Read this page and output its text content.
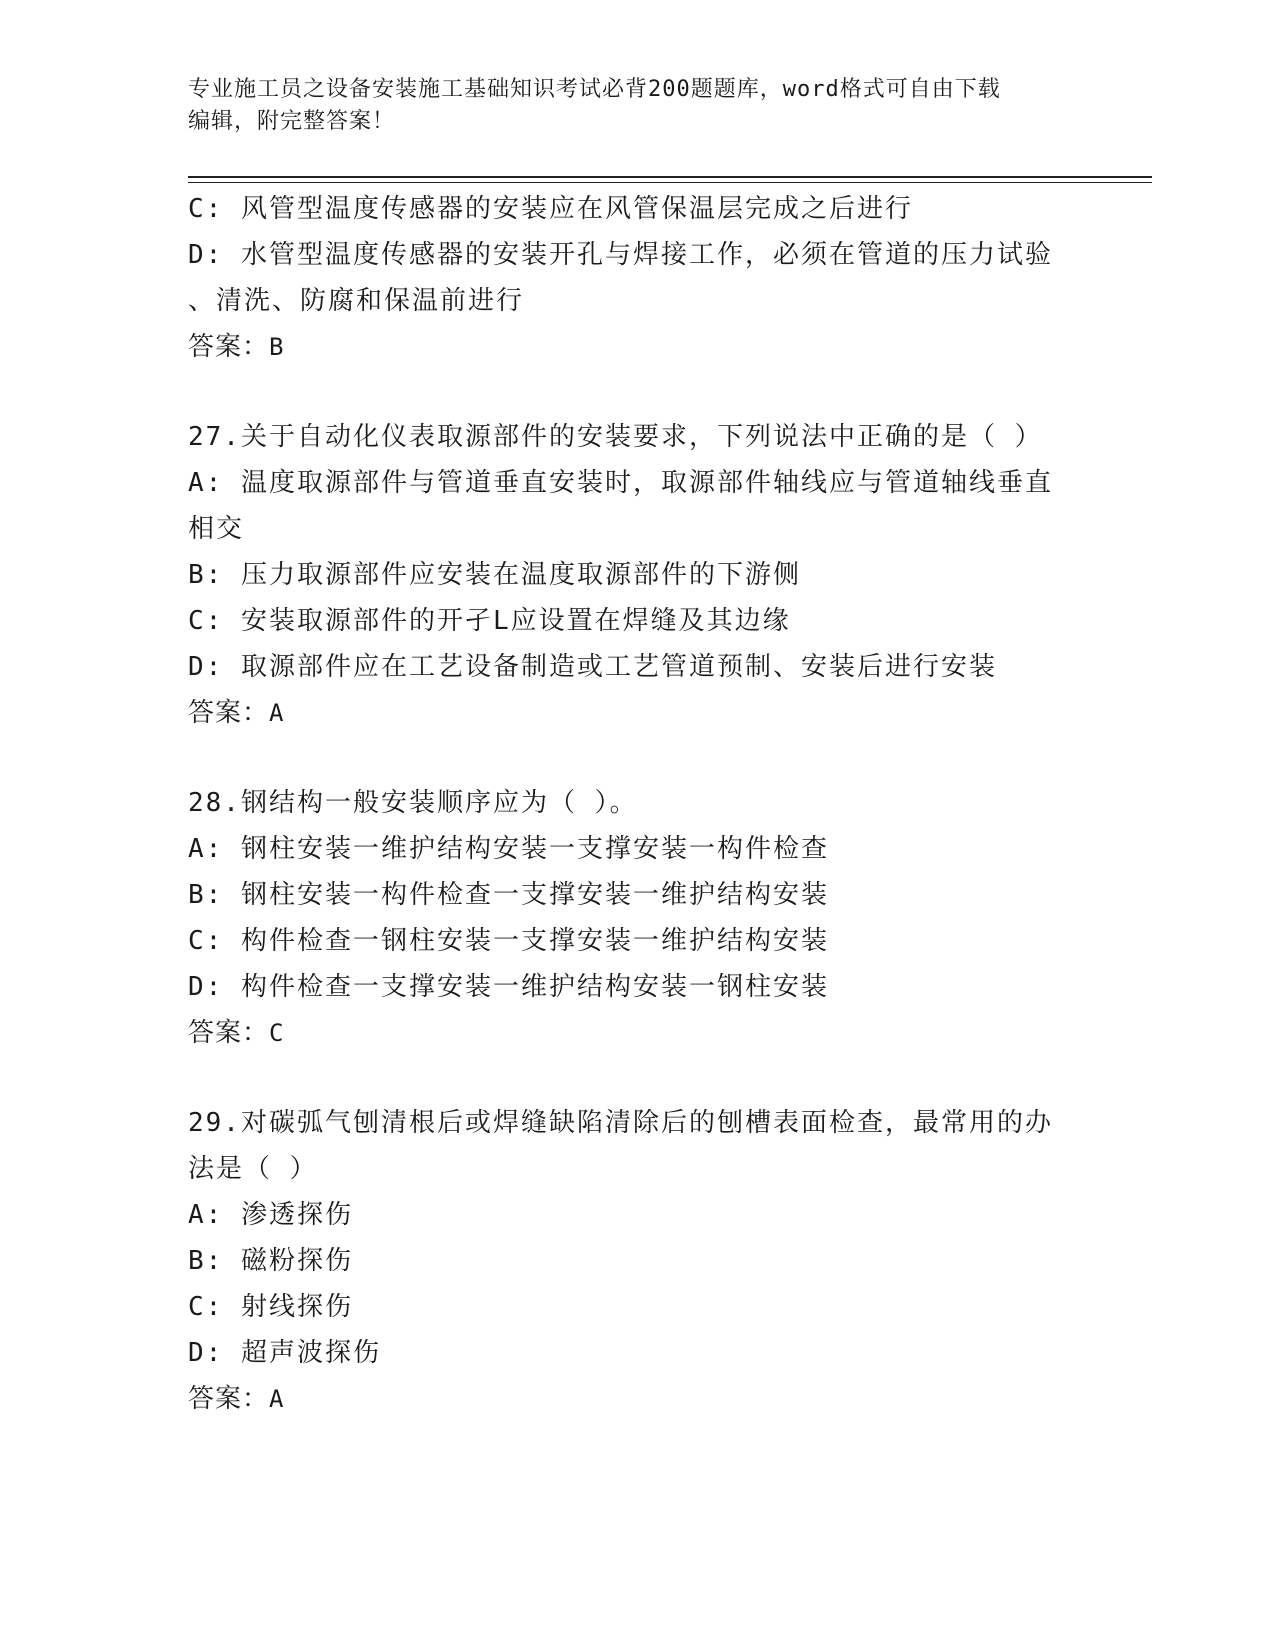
专业施工员之设备安装施工基础知识考试必背200题题库，word格式可自由下载
编辑，附完整答案！
C: 风管型温度传感器的安装应在风管保温层完成之后进行
D: 水管型温度传感器的安装开孔与焊接工作，必须在管道的压力试验
、清洗、防腐和保温前进行
答案：B
27.关于自动化仪表取源部件的安装要求，下列说法中正确的是（ ）
A: 温度取源部件与管道垂直安装时，取源部件轴线应与管道轴线垂直
相交
B: 压力取源部件应安装在温度取源部件的下游侧
C: 安装取源部件的开孑L应设置在焊缝及其边缘
D: 取源部件应在工艺设备制造或工艺管道预制、安装后进行安装
答案：A
28.钢结构一般安装顺序应为（ ）。
A: 钢柱安装一维护结构安装一支撑安装一构件检查
B: 钢柱安装一构件检查一支撑安装一维护结构安装
C: 构件检查一钢柱安装一支撑安装一维护结构安装
D: 构件检查一支撑安装一维护结构安装一钢柱安装
答案：C
29.对碳弧气刨清根后或焊缝缺陷清除后的刨槽表面检查，最常用的办
法是（ ）
A: 渗透探伤
B: 磁粉探伤
C: 射线探伤
D: 超声波探伤
答案：A
